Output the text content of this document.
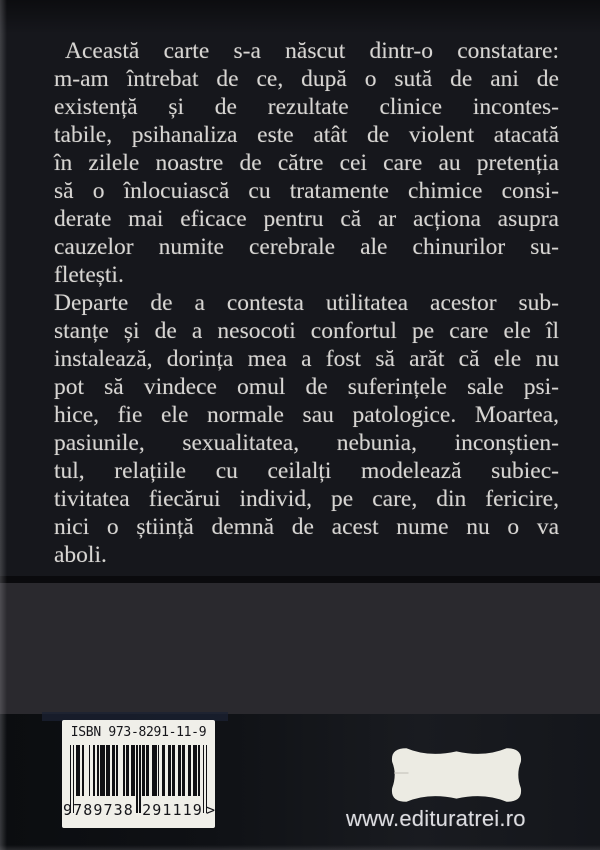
Această carte s-a născut dintr-o constatare:
m-am întrebat de ce, după o sută de ani de
existență și de rezultate clinice incontes-
tabile, psihanaliza este atât de violent atacată
în zilele noastre de către cei care au pretenția
să o înlocuiască cu tratamente chimice consi-
derate mai eficace pentru că ar acționa asupra
cauzelor numite cerebrale ale chinurilor su-
fletești.
Departe de a contesta utilitatea acestor sub-
stanțe și de a nesocoti confortul pe care ele îl
instalează, dorința mea a fost să arăt că ele nu
pot să vindece omul de suferințele sale psi-
hice, fie ele normale sau patologice. Moartea,
pasiunile, sexualitatea, nebunia, inconștien-
tul, relațiile cu ceilalți modelează subiec-
tivitatea fiecărui individ, pe care, din fericire,
nici o știință demnă de acest nume nu o va
aboli.
ISBN 973-8291-11-9
9 789738 291119 >	www.edituratrei.ro
